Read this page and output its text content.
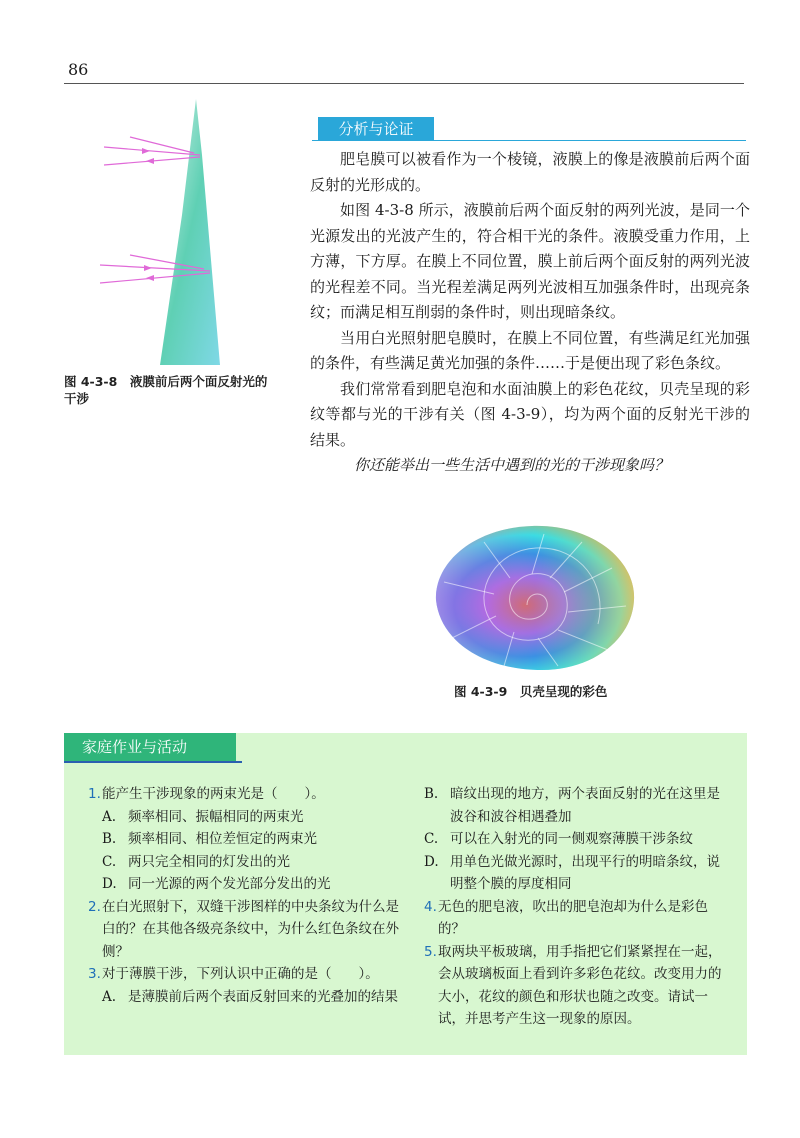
86
图 4-3-8　液膜前后两个面反射光的干涉
分析与论证

肥皂膜可以被看作为一个棱镜，液膜上的像是液膜前后两个面反射的光形成的。

如图 4-3-8 所示，液膜前后两个面反射的两列光波，是同一个光源发出的光波产生的，符合相干光的条件。液膜受重力作用，上方薄，下方厚。在膜上不同位置，膜上前后两个面反射的两列光波的光程差不同。当光程差满足两列光波相互加强条件时，出现亮条纹；而满足相互削弱的条件时，则出现暗条纹。

当用白光照射肥皂膜时，在膜上不同位置，有些满足红光加强的条件，有些满足黄光加强的条件……于是便出现了彩色条纹。

我们常常看到肥皂泡和水面油膜上的彩色花纹，贝壳呈现的彩纹等都与光的干涉有关（图 4-3-9），均为两个面的反射光干涉的结果。

你还能举出一些生活中遇到的光的干涉现象吗？

图 4-3-9　贝壳呈现的彩色
家庭作业与活动
1. 能产生干涉现象的两束光是（　　）。
A. 频率相同、振幅相同的两束光
B. 频率相同、相位差恒定的两束光
C. 两只完全相同的灯发出的光
D. 同一光源的两个发光部分发出的光
2. 在白光照射下，双缝干涉图样的中央条纹为什么是白的？在其他各级亮条纹中，为什么红色条纹在外侧？
3. 对于薄膜干涉，下列认识中正确的是（　　）。
A. 是薄膜前后两个表面反射回来的光叠加的结果
B. 暗纹出现的地方，两个表面反射的光在这里是波谷和波谷相遇叠加
C. 可以在入射光的同一侧观察薄膜干涉条纹
D. 用单色光做光源时，出现平行的明暗条纹，说明整个膜的厚度相同
4. 无色的肥皂液，吹出的肥皂泡却为什么是彩色的？
5. 取两块平板玻璃，用手指把它们紧紧捏在一起，会从玻璃板面上看到许多彩色花纹。改变用力的大小，花纹的颜色和形状也随之改变。请试一试，并思考产生这一现象的原因。
